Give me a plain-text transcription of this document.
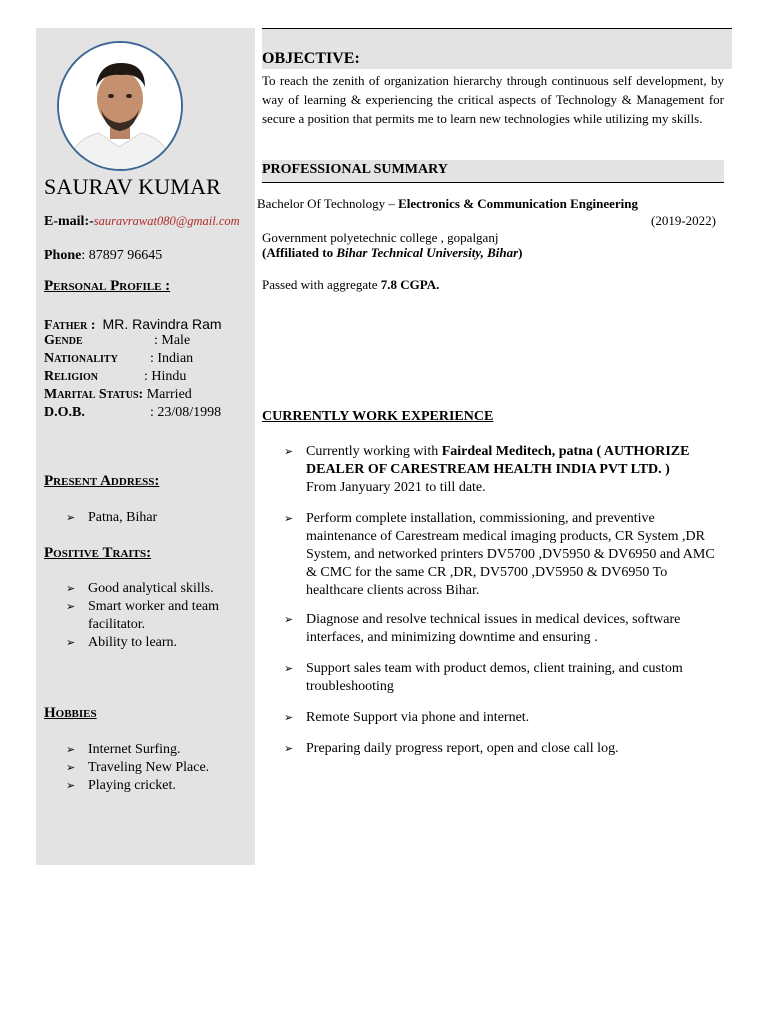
SAURAV KUMAR
E-mail:-sauravrawat080@gmail.com
Phone: 87897 96645
Personal Profile :
Father : MR. Ravindra Ram
Gende	: Male
Nationality : Indian
Religion	: Hindu
Marital Status: Married
D.O.B.	: 23/08/1998
Present Address:
➢ Patna, Bihar
Positive Traits:
➢ Good analytical skills.
➢ Smart worker and team
facilitator.
➢ Ability to learn.
Hobbies
➢ Internet Surfing.
➢ Traveling New Place.
➢ Playing cricket.
OBJECTIVE:
To reach the zenith of organization hierarchy through continuous self development, by way of learning & experiencing the critical aspects of Technology & Management for secure a position that permits me to learn new technologies while utilizing my skills.
PROFESSIONAL SUMMARY
Bachelor Of Technology – Electronics & Communication Engineering
(2019-2022)
Government polyetechnic college , gopalganj
(Affiliated to Bihar Technical University, Bihar)
Passed with aggregate 7.8 CGPA.
CURRENTLY WORK EXPERIENCE
➢ Currently working with Fairdeal Meditech, patna ( AUTHORIZE DEALER OF CARESTREAM HEALTH INDIA PVT LTD. )
From Janyuary 2021 to till date.
➢ Perform complete installation, commissioning, and preventive maintenance of Carestream medical imaging products, CR System ,DR System, and networked printers DV5700 ,DV5950 & DV6950 and AMC & CMC for the same CR ,DR, DV5700 ,DV5950 & DV6950 To healthcare clients across Bihar.
➢ Diagnose and resolve technical issues in medical devices, software interfaces, and minimizing downtime and ensuring .
➢ Support sales team with product demos, client training, and custom troubleshooting
➢ Remote Support via phone and internet.
➢ Preparing daily progress report, open and close call log.
